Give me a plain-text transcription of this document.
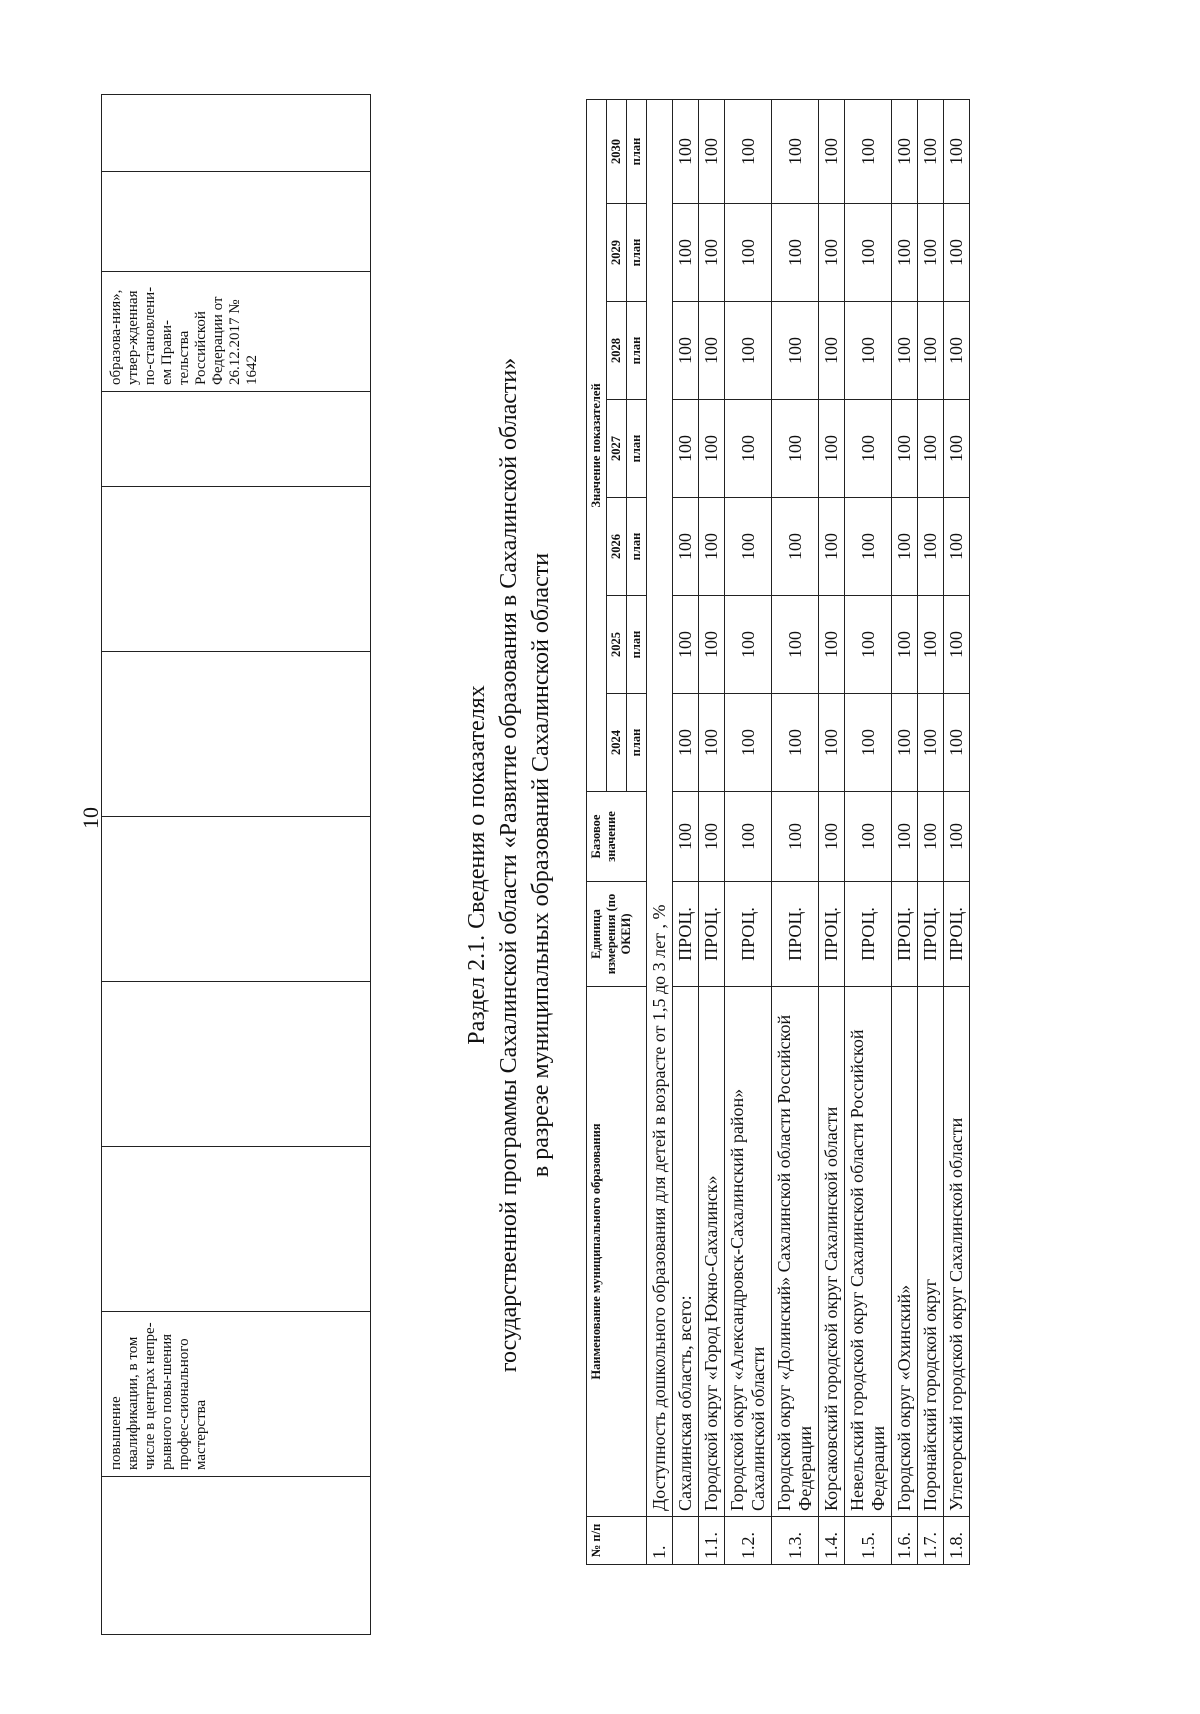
10
	повышение квалификации, в том числе в центрах непре-рывного повы-шения профес-сионального мастерства							образова-ния», утвер-жденная по-становлени-ем Прави-тельства Российской Федерации от 26.12.2017 № 1642		
Раздел 2.1. Сведения о показателях государственной программы Сахалинской области «Развитие образования в Сахалинской области» в разрезе муниципальных образований Сахалинской области
№ п/п	Наименование муниципального образования	Единица измерения (по ОКЕИ)	Базовое значение	Значение показателей						
				2024	2025	2026	2027	2028	2029	2030
				план	план	план	план	план	план	план
1.	Доступность дошкольного образования для детей в возрасте от 1,5 до 3 лет , %									
	Сахалинская область, всего:	ПРОЦ.	100	100	100	100	100	100	100	100
1.1.	Городской округ «Город Южно-Сахалинск»	ПРОЦ.	100	100	100	100	100	100	100	100
1.2.	Городской округ «Александровск-Сахалинский район» Сахалинской области	ПРОЦ.	100	100	100	100	100	100	100	100
1.3.	Городской округ «Долинский» Сахалинской области Российской Федерации	ПРОЦ.	100	100	100	100	100	100	100	100
1.4.	Корсаковский городской округ Сахалинской области	ПРОЦ.	100	100	100	100	100	100	100	100
1.5.	Невельский городской округ Сахалинской области Российской Федерации	ПРОЦ.	100	100	100	100	100	100	100	100
1.6.	Городской округ «Охинский»	ПРОЦ.	100	100	100	100	100	100	100	100
1.7.	Поронайский городской округ	ПРОЦ.	100	100	100	100	100	100	100	100
1.8.	Углегорский городской округ Сахалинской области	ПРОЦ.	100	100	100	100	100	100	100	100
